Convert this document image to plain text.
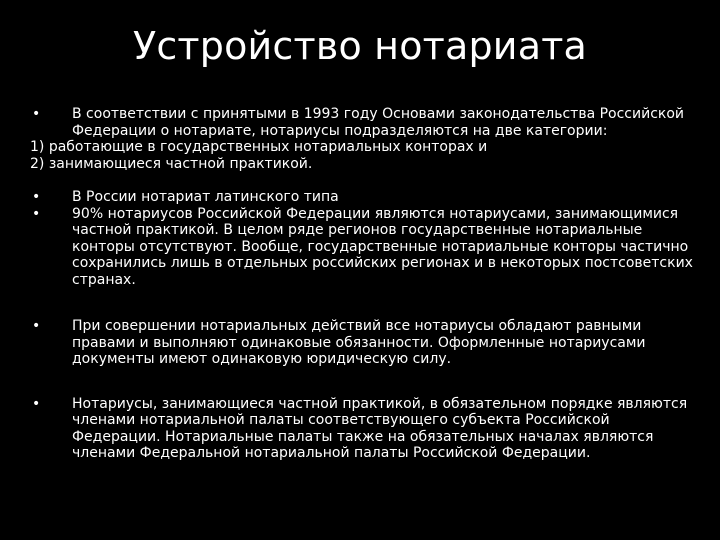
Устройство нотариата
• В соответствии с принятыми в 1993 году Основами законодательства Российской Федерации о нотариате, нотариусы подразделяются на две категории:
1) работающие в государственных нотариальных конторах и
2) занимающиеся частной практикой.
• В России нотариат латинского типа
• 90% нотариусов Российской Федерации являются нотариусами, занимающимися частной практикой. В целом ряде регионов государственные нотариальные конторы отсутствуют. Вообще, государственные нотариальные конторы частично сохранились лишь в отдельных российских регионах и в некоторых постсоветских странах.
• При совершении нотариальных действий все нотариусы обладают равными правами и выполняют одинаковые обязанности. Оформленные нотариусами документы имеют одинаковую юридическую силу.
• Нотариусы, занимающиеся частной практикой, в обязательном порядке являются членами нотариальной палаты соответствующего субъекта Российской Федерации. Нотариальные палаты также на обязательных началах являются членами Федеральной нотариальной палаты Российской Федерации.
